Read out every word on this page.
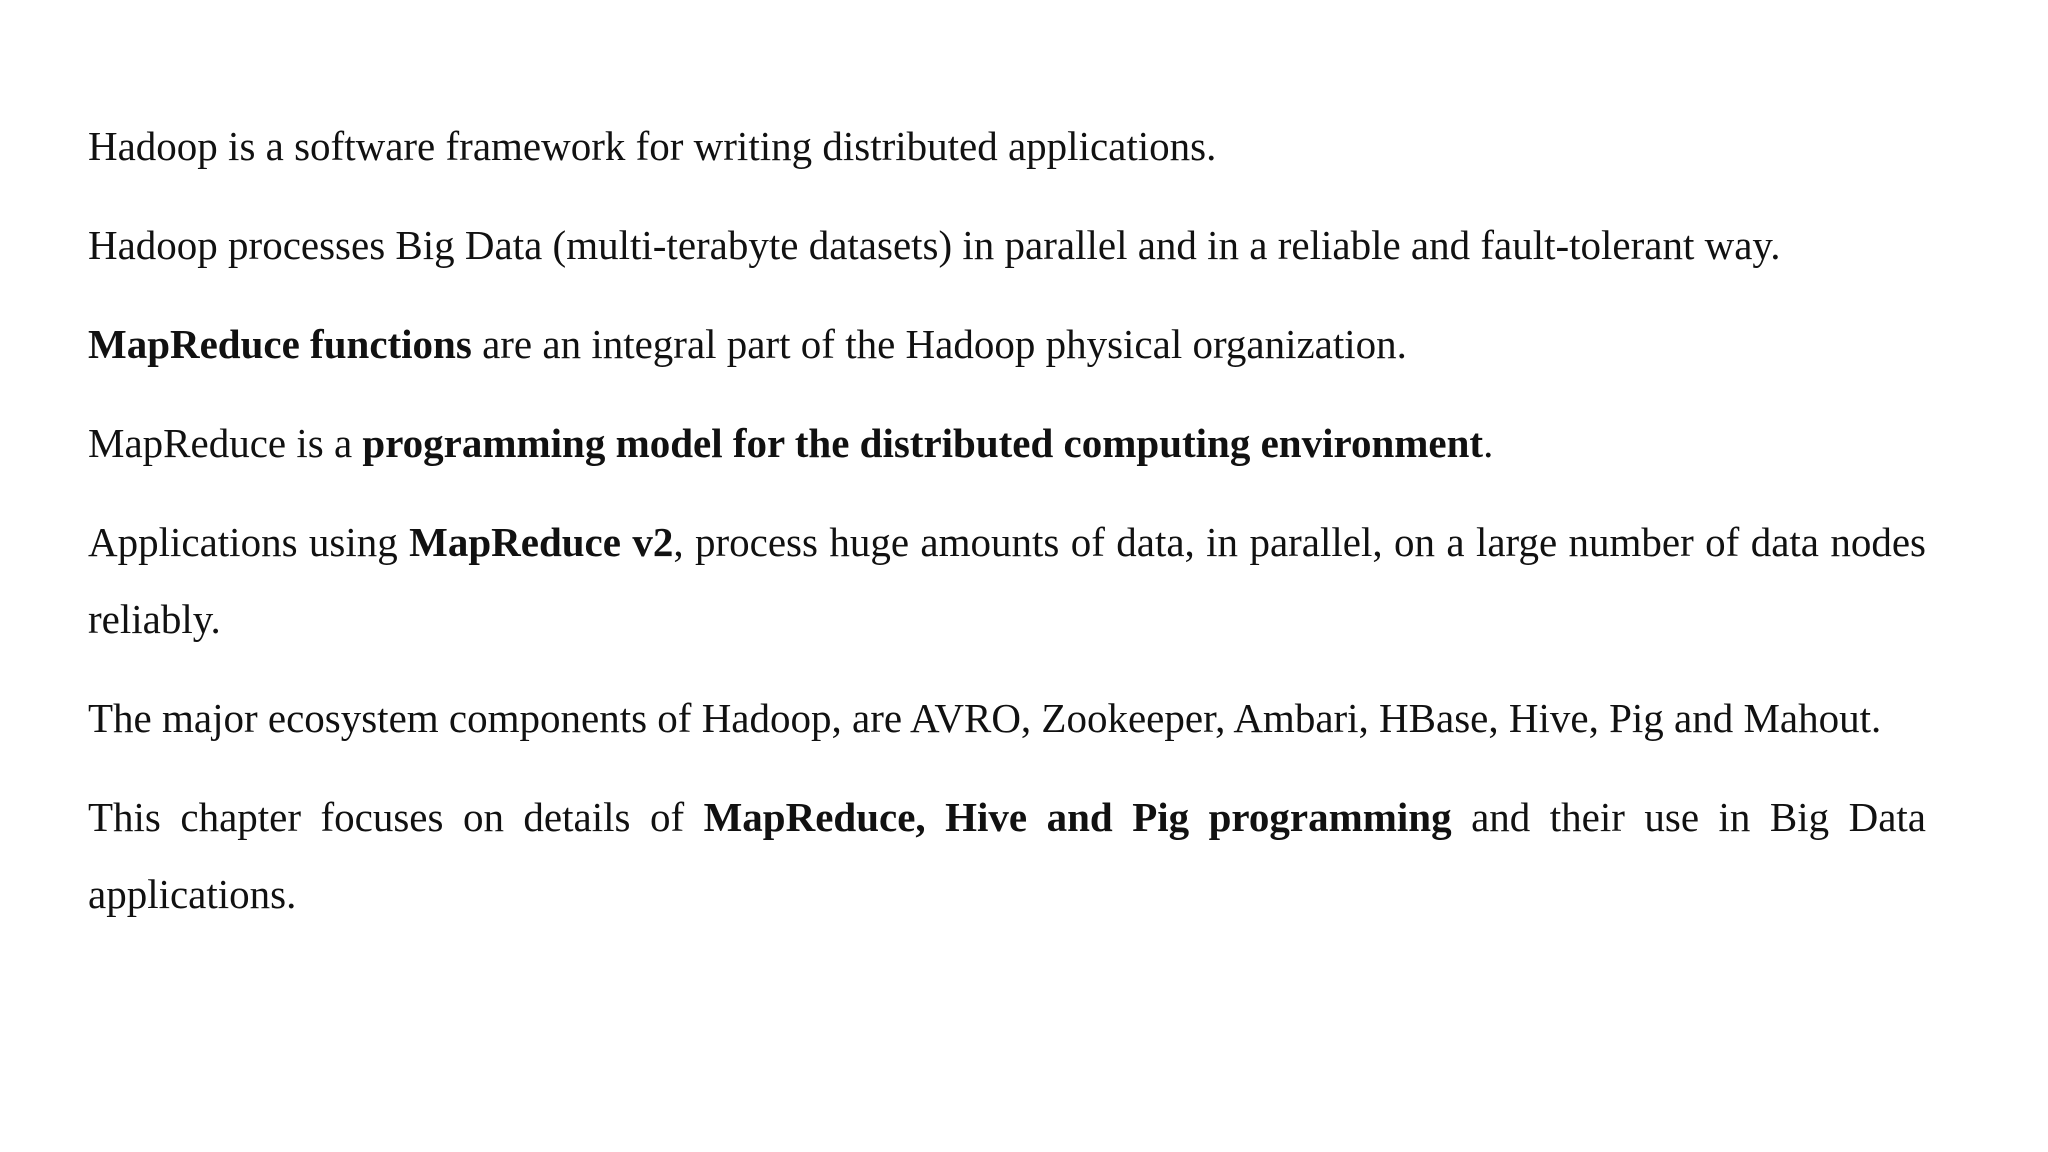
Hadoop is a software framework for writing distributed applications.

Hadoop processes Big Data (multi-terabyte datasets) in parallel and in a reliable and fault-tolerant way.

MapReduce functions are an integral part of the Hadoop physical organization.

MapReduce is a programming model for the distributed computing environment.

Applications using MapReduce v2, process huge amounts of data, in parallel, on a large number of data nodes reliably.

The major ecosystem components of Hadoop, are AVRO, Zookeeper, Ambari, HBase, Hive, Pig and Mahout.

This chapter focuses on details of MapReduce, Hive and Pig programming and their use in Big Data applications.
